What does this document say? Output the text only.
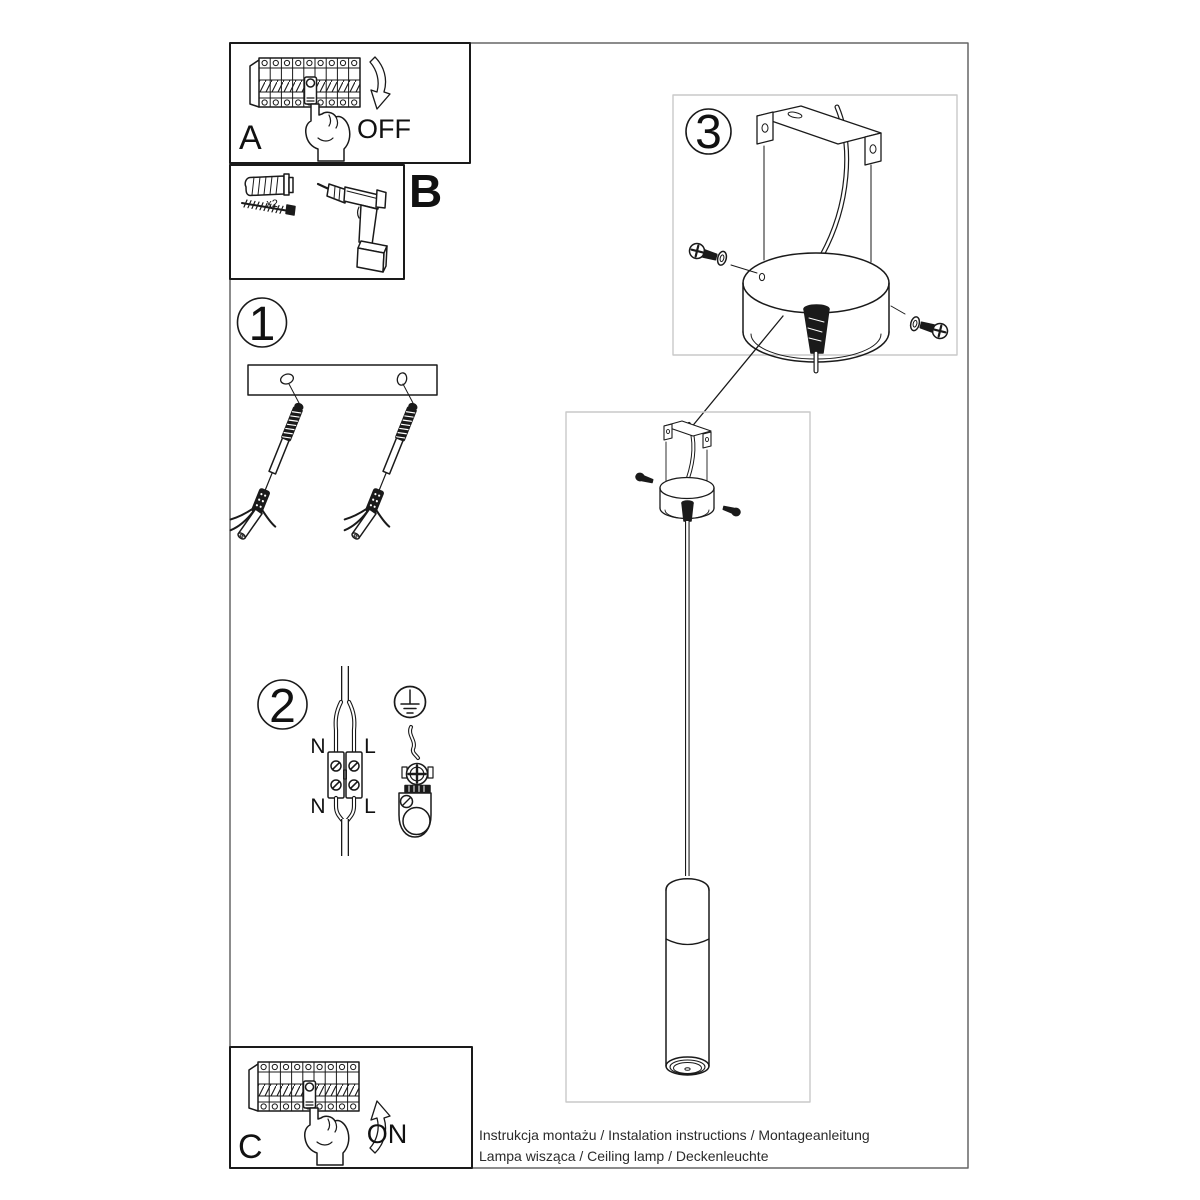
OFF
A
x2	B
1
2
N L
N L
3
ON
C	Instrukcja montażu / Instalation instructions / Montageanleitung
Lampa wisząca / Ceiling lamp / Deckenleuchte
